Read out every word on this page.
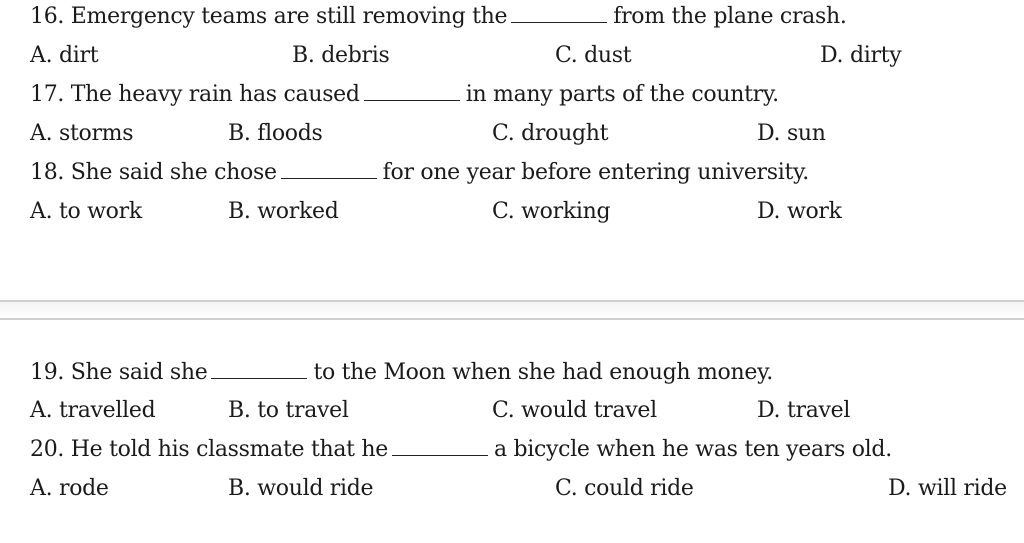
16. Emergency teams are still removing the	from the plane crash.
A. dirt	B. debris	C. dust	D. dirty
17. The heavy rain has caused	in many parts of the country.
A. storms	B. floods	C. drought	D. sun
18. She said she chose	for one year before entering university.
A. to work	B. worked	C. working	D. work
19. She said she	to the Moon when she had enough money.
A. travelled	B. to travel	C. would travel	D. travel
20. He told his classmate that he	a bicycle when he was ten years old.
A. rode	B. would ride	C. could ride	D. will ride
